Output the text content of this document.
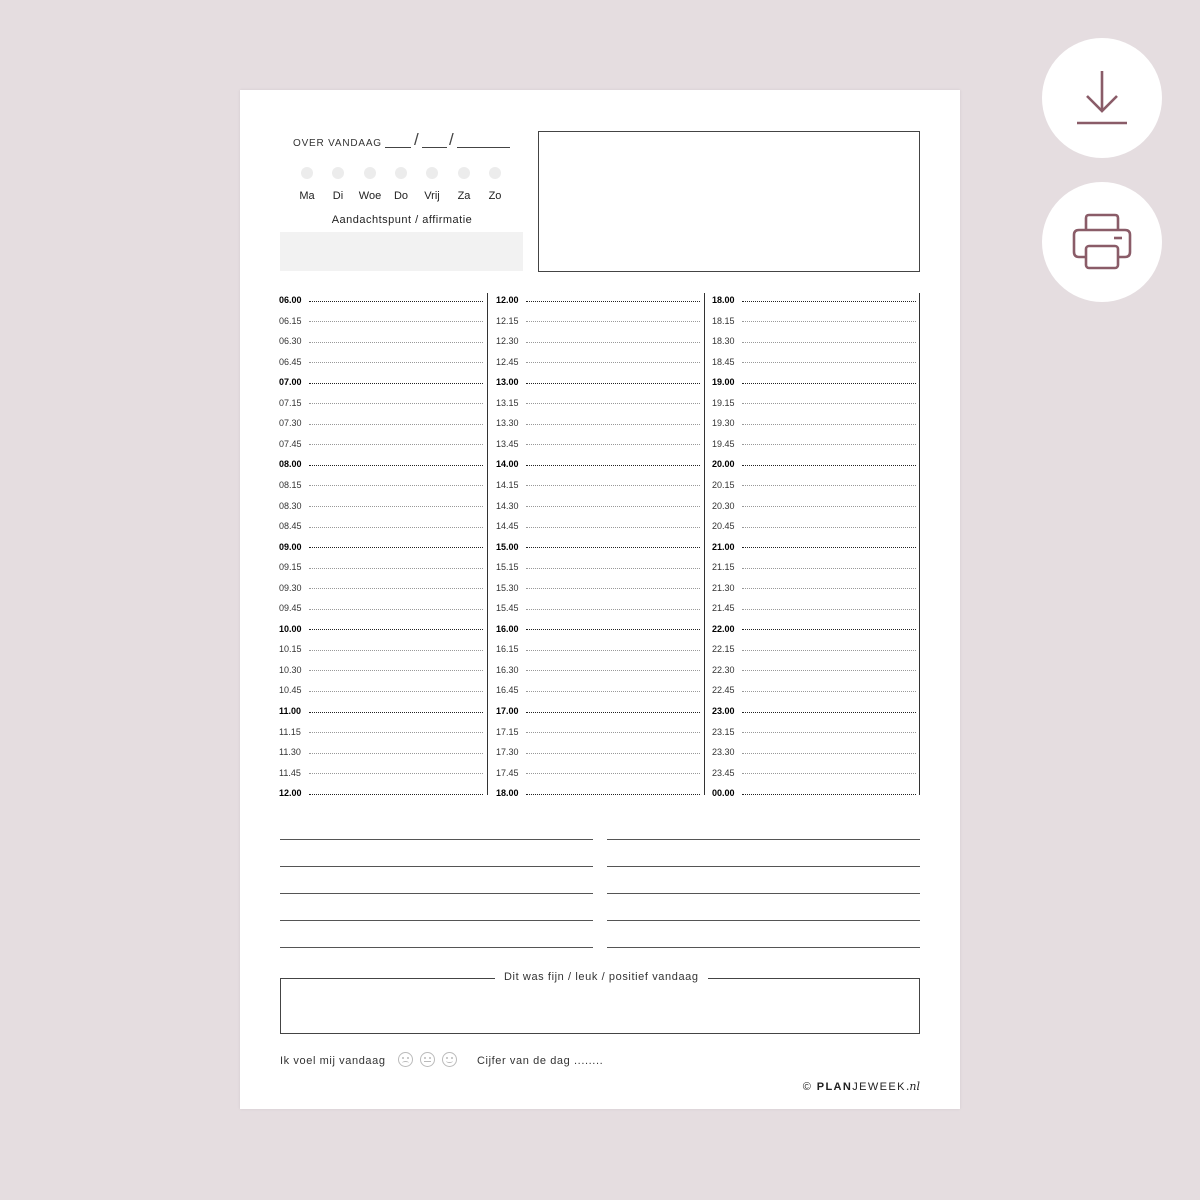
OVER VANDAAG / /
Ma	Di	Woe	Do	Vrij	Za	Zo
Aandachtspunt / affirmatie
06.00
06.15
06.30
06.45
07.00
07.15
07.30
07.45
08.00
08.15
08.30
08.45
09.00
09.15
09.30
09.45
10.00
10.15
10.30
10.45
11.00
11.15
11.30
11.45
12.00
12.00
12.15
12.30
12.45
13.00
13.15
13.30
13.45
14.00
14.15
14.30
14.45
15.00
15.15
15.30
15.45
16.00
16.15
16.30
16.45
17.00
17.15
17.30
17.45
18.00
18.00
18.15
18.30
18.45
19.00
19.15
19.30
19.45
20.00
20.15
20.30
20.45
21.00
21.15
21.30
21.45
22.00
22.15
22.30
22.45
23.00
23.15
23.30
23.45
00.00
Dit was fijn / leuk / positief vandaag
Ik voel mij vandaag	Cijfer van de dag ........
© PLANJEWEEK.nl
